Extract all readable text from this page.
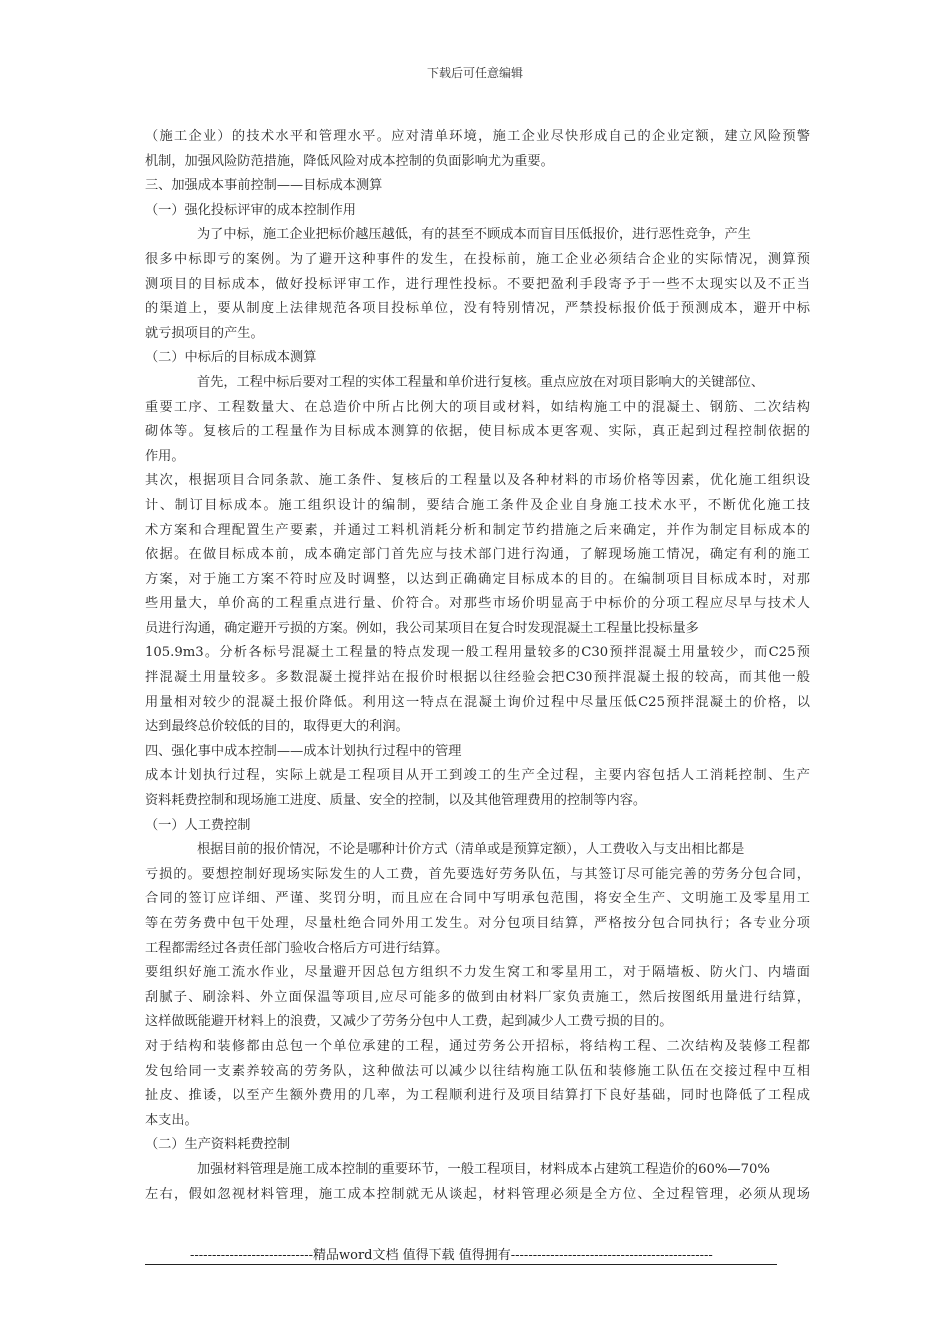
下载后可任意编辑
（施工企业）的技术水平和管理水平。应对清单环境，施工企业尽快形成自己的企业定额，建立风险预警
机制，加强风险防范措施，降低风险对成本控制的负面影响尤为重要。
三、加强成本事前控制——目标成本测算
（一）强化投标评审的成本控制作用
为了中标，施工企业把标价越压越低，有的甚至不顾成本而盲目压低报价，进行恶性竞争，产生
很多中标即亏的案例。为了避开这种事件的发生，在投标前，施工企业必须结合企业的实际情况，测算预
测项目的目标成本，做好投标评审工作，进行理性投标。不要把盈利手段寄予于一些不太现实以及不正当
的渠道上，要从制度上法律规范各项目投标单位，没有特别情况，严禁投标报价低于预测成本，避开中标
就亏损项目的产生。
（二）中标后的目标成本测算
首先，工程中标后要对工程的实体工程量和单价进行复核。重点应放在对项目影响大的关键部位、
重要工序、工程数量大、在总造价中所占比例大的项目或材料，如结构施工中的混凝土、钢筋、二次结构
砌体等。复核后的工程量作为目标成本测算的依据，使目标成本更客观、实际，真正起到过程控制依据的
作用。
其次，根据项目合同条款、施工条件、复核后的工程量以及各种材料的市场价格等因素，优化施工组织设
计、制订目标成本。施工组织设计的编制，要结合施工条件及企业自身施工技术水平，不断优化施工技
术方案和合理配置生产要素，并通过工料机消耗分析和制定节约措施之后来确定，并作为制定目标成本的
依据。在做目标成本前，成本确定部门首先应与技术部门进行沟通，了解现场施工情况，确定有利的施工
方案，对于施工方案不符时应及时调整，以达到正确确定目标成本的目的。在编制项目目标成本时，对那
些用量大，单价高的工程重点进行量、价符合。对那些市场价明显高于中标价的分项工程应尽早与技术人
员进行沟通，确定避开亏损的方案。例如，我公司某项目在复合时发现混凝土工程量比投标量多
105.9m3。分析各标号混凝土工程量的特点发现一般工程用量较多的C30预拌混凝土用量较少，而C25预
拌混凝土用量较多。多数混凝土搅拌站在报价时根据以往经验会把C30预拌混凝土报的较高，而其他一般
用量相对较少的混凝土报价降低。利用这一特点在混凝土询价过程中尽量压低C25预拌混凝土的价格，以
达到最终总价较低的目的，取得更大的利润。
四、强化事中成本控制——成本计划执行过程中的管理
成本计划执行过程，实际上就是工程项目从开工到竣工的生产全过程，主要内容包括人工消耗控制、生产
资料耗费控制和现场施工进度、质量、安全的控制，以及其他管理费用的控制等内容。
（一）人工费控制
根据目前的报价情况，不论是哪种计价方式（清单或是预算定额），人工费收入与支出相比都是
亏损的。要想控制好现场实际发生的人工费，首先要选好劳务队伍，与其签订尽可能完善的劳务分包合同，
合同的签订应详细、严谨、奖罚分明，而且应在合同中写明承包范围，将安全生产、文明施工及零星用工
等在劳务费中包干处理，尽量杜绝合同外用工发生。对分包项目结算，严格按分包合同执行；各专业分项
工程都需经过各责任部门验收合格后方可进行结算。
要组织好施工流水作业，尽量避开因总包方组织不力发生窝工和零星用工，对于隔墙板、防火门、内墙面
刮腻子、刷涂料、外立面保温等项目,应尽可能多的做到由材料厂家负责施工，然后按图纸用量进行结算，
这样做既能避开材料上的浪费，又减少了劳务分包中人工费，起到减少人工费亏损的目的。
对于结构和装修都由总包一个单位承建的工程，通过劳务公开招标，将结构工程、二次结构及装修工程都
发包给同一支素养较高的劳务队，这种做法可以减少以往结构施工队伍和装修施工队伍在交接过程中互相
扯皮、推诿，以至产生额外费用的几率，为工程顺利进行及项目结算打下良好基础，同时也降低了工程成
本支出。
（二）生产资料耗费控制
加强材料管理是施工成本控制的重要环节，一般工程项目，材料成本占建筑工程造价的60%—70%
左右，假如忽视材料管理，施工成本控制就无从谈起，材料管理必须是全方位、全过程管理，必须从现场
----------------------------精品word文档 值得下载 值得拥有----------------------------------------------
